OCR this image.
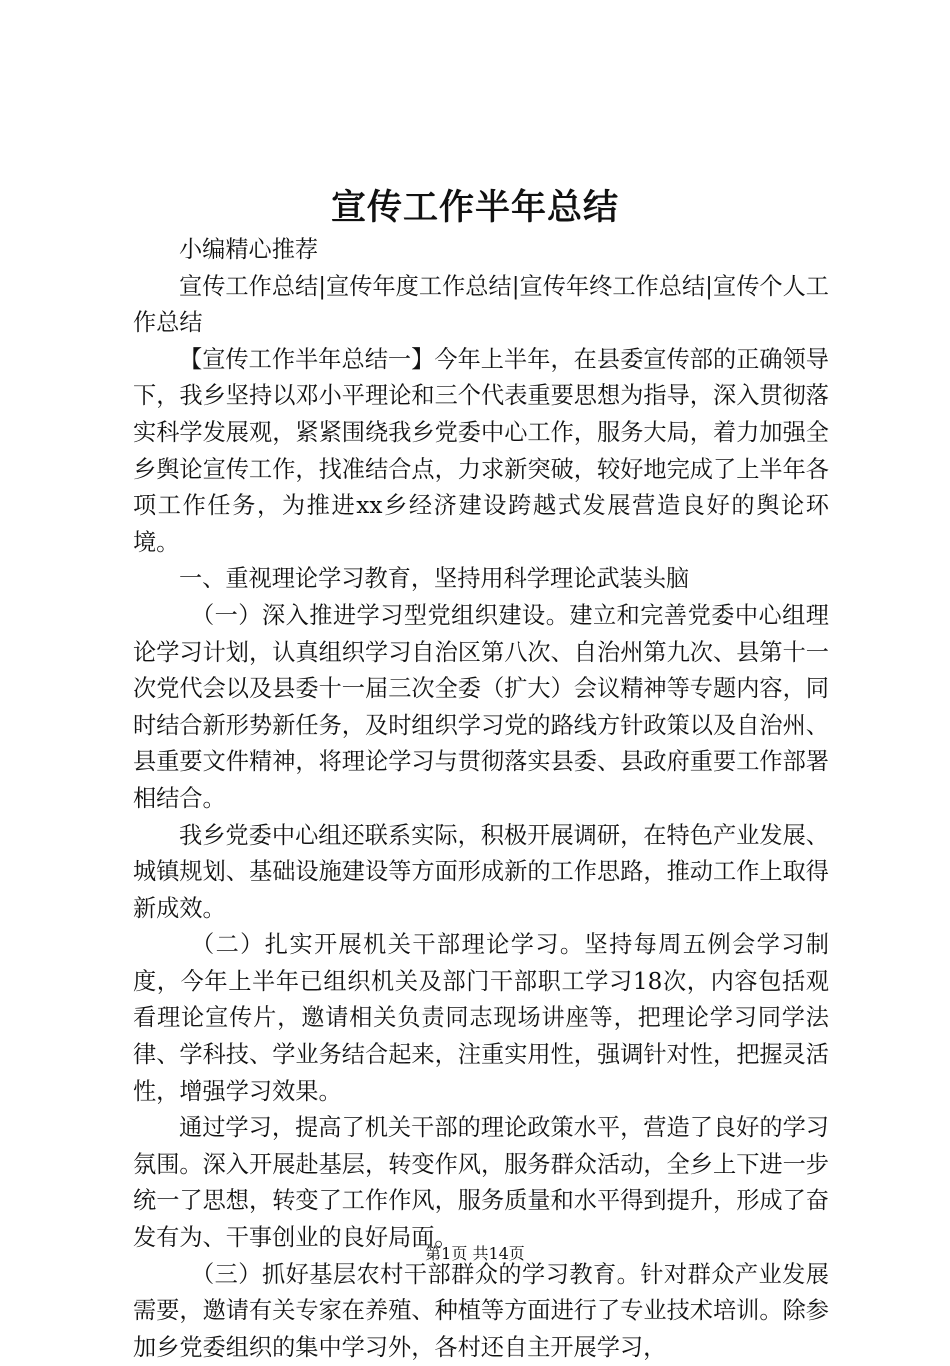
宣传工作半年总结

小编精心推荐

宣传工作总结|宣传年度工作总结|宣传年终工作总结|宣传个人工作总结

【宣传工作半年总结一】今年上半年，在县委宣传部的正确领导下，我乡坚持以邓小平理论和三个代表重要思想为指导，深入贯彻落实科学发展观，紧紧围绕我乡党委中心工作，服务大局，着力加强全乡舆论宣传工作，找准结合点，力求新突破，较好地完成了上半年各项工作任务，为推进xx乡经济建设跨越式发展营造良好的舆论环境。

一、重视理论学习教育，坚持用科学理论武装头脑

（一）深入推进学习型党组织建设。建立和完善党委中心组理论学习计划，认真组织学习自治区第八次、自治州第九次、县第十一次党代会以及县委十一届三次全委（扩大）会议精神等专题内容，同时结合新形势新任务，及时组织学习党的路线方针政策以及自治州、县重要文件精神，将理论学习与贯彻落实县委、县政府重要工作部署相结合。

我乡党委中心组还联系实际，积极开展调研，在特色产业发展、城镇规划、基础设施建设等方面形成新的工作思路，推动工作上取得新成效。

（二）扎实开展机关干部理论学习。坚持每周五例会学习制度，今年上半年已组织机关及部门干部职工学习18次，内容包括观看理论宣传片，邀请相关负责同志现场讲座等，把理论学习同学法律、学科技、学业务结合起来，注重实用性，强调针对性，把握灵活性，增强学习效果。

通过学习，提高了机关干部的理论政策水平，营造了良好的学习氛围。深入开展赴基层，转变作风，服务群众活动，全乡上下进一步统一了思想，转变了工作作风，服务质量和水平得到提升，形成了奋发有为、干事创业的良好局面。

（三）抓好基层农村干部群众的学习教育。针对群众产业发展需要，邀请有关专家在养殖、种植等方面进行了专业技术培训。除参加乡党委组织的集中学习外，各村还自主开展学习，

第1页 共14页
